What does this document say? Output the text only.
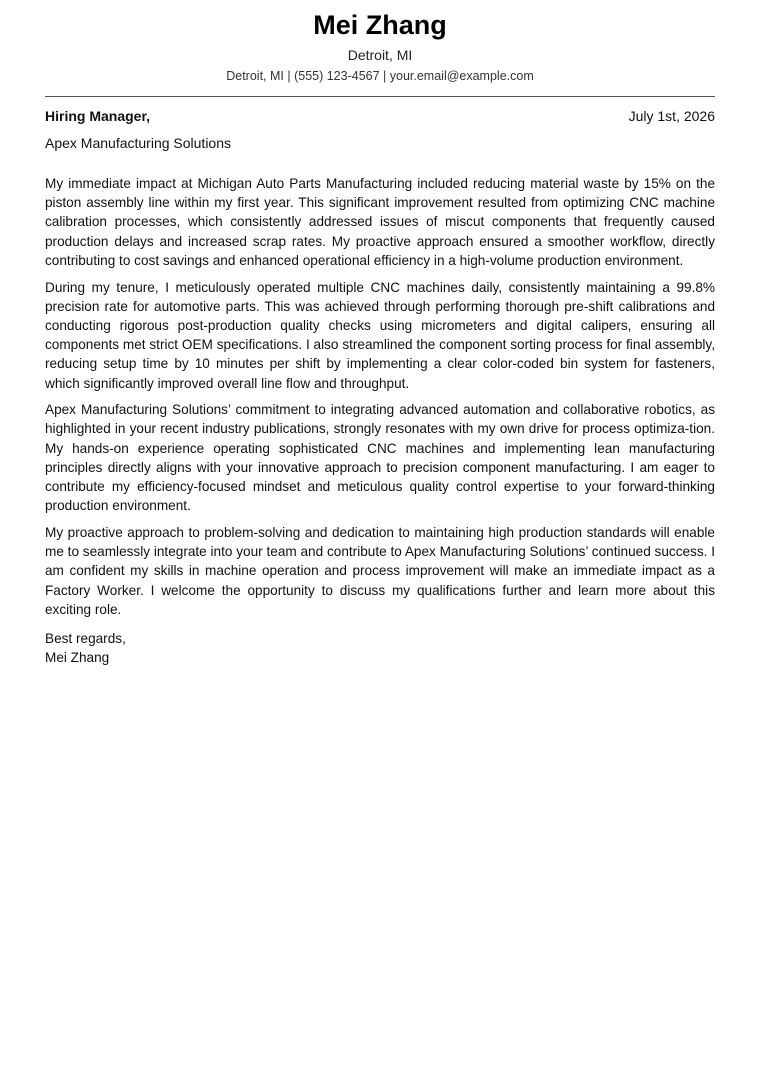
Mei Zhang
Detroit, MI
Detroit, MI | (555) 123-4567 | your.email@example.com
Hiring Manager,	July 1st, 2026
Apex Manufacturing Solutions

My immediate impact at Michigan Auto Parts Manufacturing included reducing material waste by 15% on the piston assembly line within my first year. This significant improvement resulted from optimizing CNC machine calibration processes, which consistently addressed issues of miscut components that frequently caused production delays and increased scrap rates. My proactive approach ensured a smoother workflow, directly contributing to cost savings and enhanced operational efficiency in a high-volume production environment.

During my tenure, I meticulously operated multiple CNC machines daily, consistently maintaining a 99.8% precision rate for automotive parts. This was achieved through performing thorough pre-shift calibrations and conducting rigorous post-production quality checks using micrometers and digital calipers, ensuring all components met strict OEM specifications. I also streamlined the component sorting process for final assembly, reducing setup time by 10 minutes per shift by implementing a clear color-coded bin system for fasteners, which significantly improved overall line flow and throughput.

Apex Manufacturing Solutions’ commitment to integrating advanced automation and collaborative robotics, as highlighted in your recent industry publications, strongly resonates with my own drive for process optimiza-tion. My hands-on experience operating sophisticated CNC machines and implementing lean manufacturing principles directly aligns with your innovative approach to precision component manufacturing. I am eager to contribute my efficiency-focused mindset and meticulous quality control expertise to your forward-thinking production environment.

My proactive approach to problem-solving and dedication to maintaining high production standards will enable me to seamlessly integrate into your team and contribute to Apex Manufacturing Solutions’ continued success. I am confident my skills in machine operation and process improvement will make an immediate impact as a Factory Worker. I welcome the opportunity to discuss my qualifications further and learn more about this exciting role.

Best regards,
Mei Zhang
